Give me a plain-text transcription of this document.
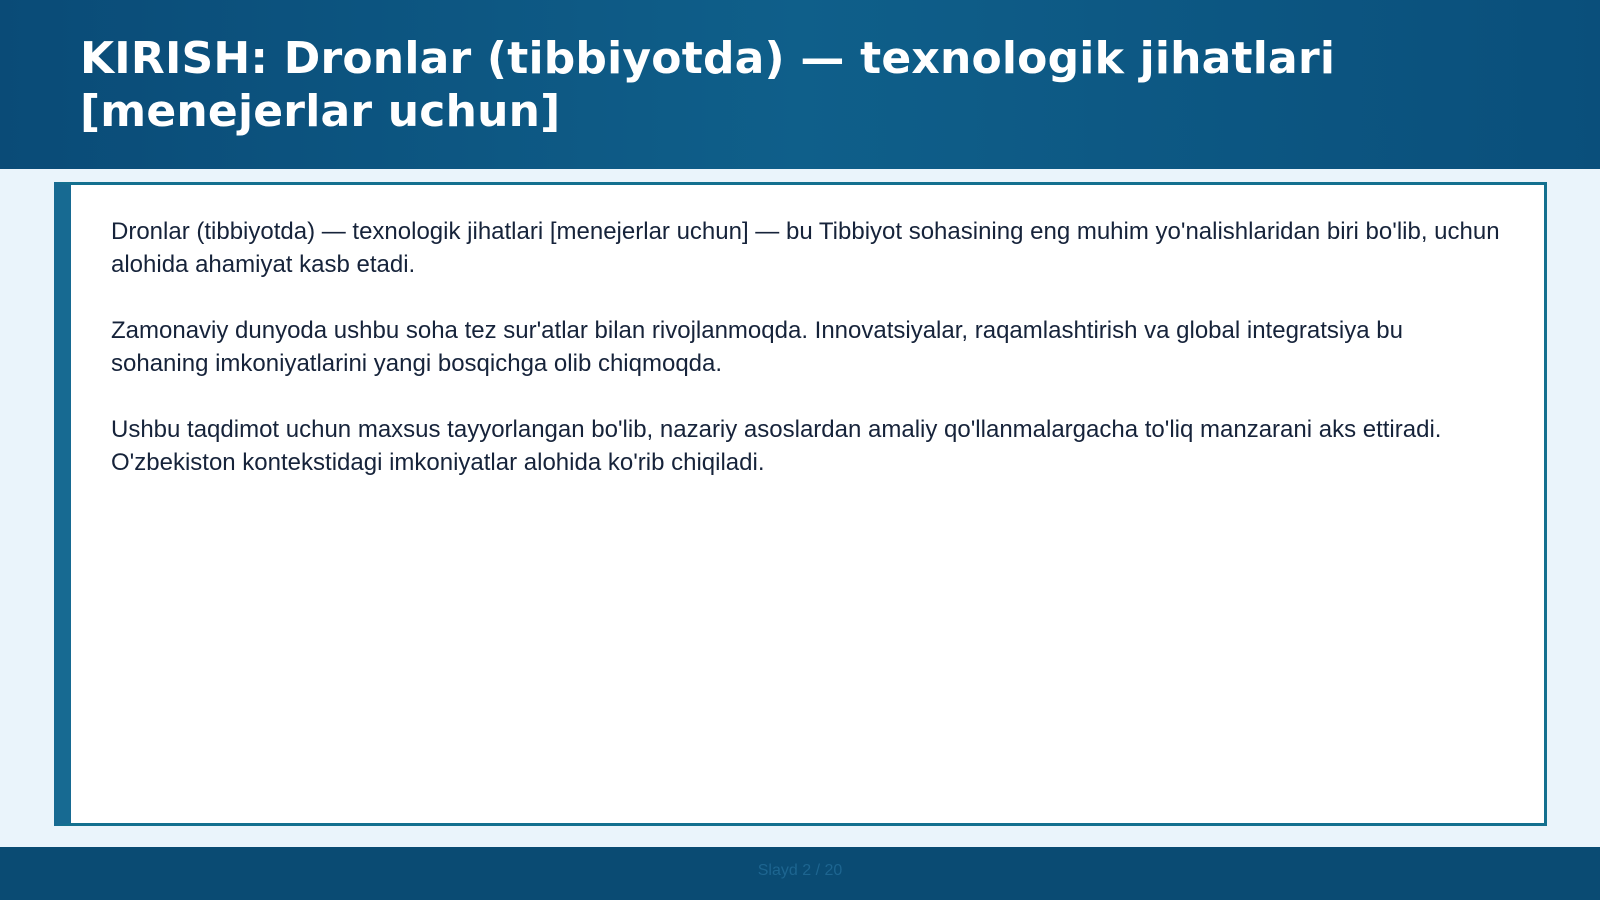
KIRISH: Dronlar (tibbiyotda) — texnologik jihatlari [menejerlar uchun]

Dronlar (tibbiyotda) — texnologik jihatlari [menejerlar uchun] — bu Tibbiyot sohasining eng muhim yo'nalishlaridan biri bo'lib, uchun alohida ahamiyat kasb etadi.

Zamonaviy dunyoda ushbu soha tez sur'atlar bilan rivojlanmoqda. Innovatsiyalar, raqamlashtirish va global integratsiya bu sohaning imkoniyatlarini yangi bosqichga olib chiqmoqda.

Ushbu taqdimot uchun maxsus tayyorlangan bo'lib, nazariy asoslardan amaliy qo'llanmalargacha to'liq manzarani aks ettiradi. O'zbekiston kontekstidagi imkoniyatlar alohida ko'rib chiqiladi.

Slayd 2 / 20
